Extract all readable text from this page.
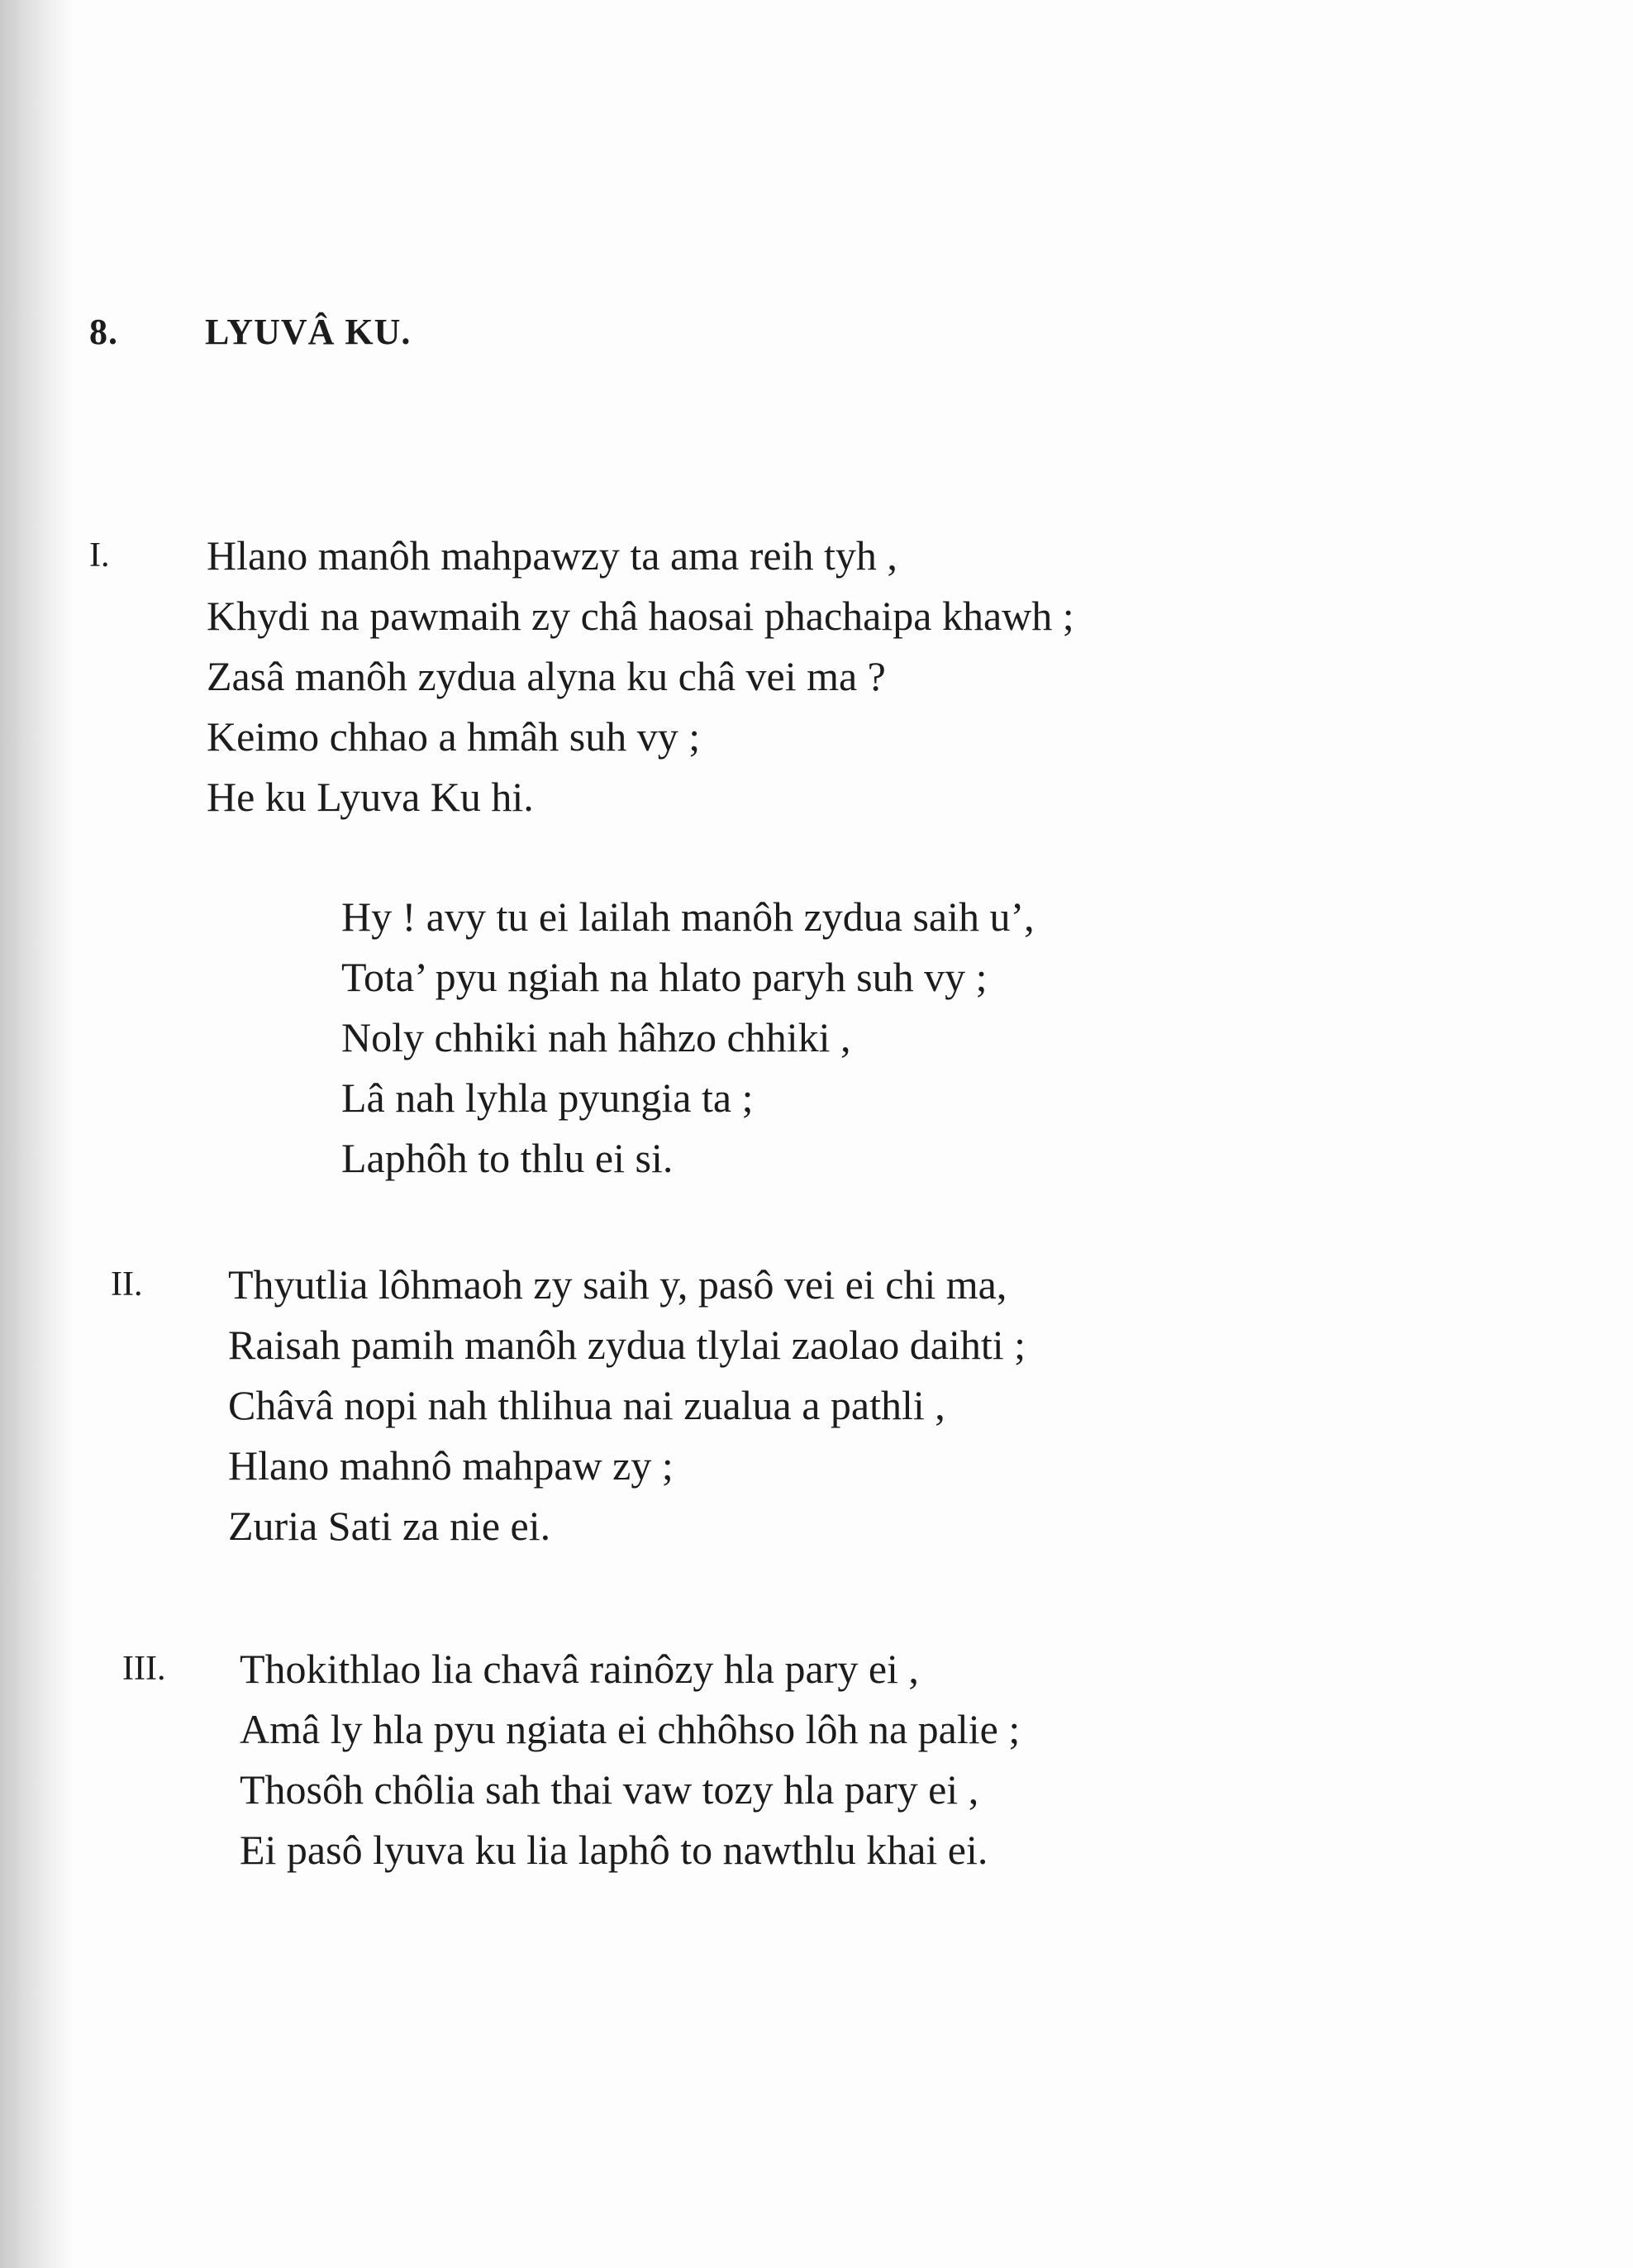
8. LYUVÂ KU.
I. Hlano manôh mahpawzy ta ama reih tyh ,
Khydi na pawmaih zy châ haosai phachaipa khawh ;
Zasâ manôh zydua alyna ku châ vei ma ?
Keimo chhao a hmâh suh vy ;
He ku Lyuva Ku hi.
Hy ! avy tu ei lailah manôh zydua saih u’,
Tota’ pyu ngiah na hlato paryh suh vy ;
Noly chhiki nah hâhzo chhiki ,
Lâ nah lyhla pyungia ta ;
Laphôh to thlu ei si.
II. Thyutlia lôhmaoh zy saih y, pasô vei ei chi ma,
Raisah pamih manôh zydua tlylai zaolao daihti ;
Châvâ nopi nah thlihua nai zualua a pathli ,
Hlano mahnô mahpaw zy ;
Zuria Sati za nie ei.
III. Thokithlao lia chavâ rainôzy hla pary ei ,
Amâ ly hla pyu ngiata ei chhôhso lôh na palie ;
Thosôh chôlia sah thai vaw tozy hla pary ei ,
Ei pasô lyuva ku lia laphô to nawthlu khai ei.
